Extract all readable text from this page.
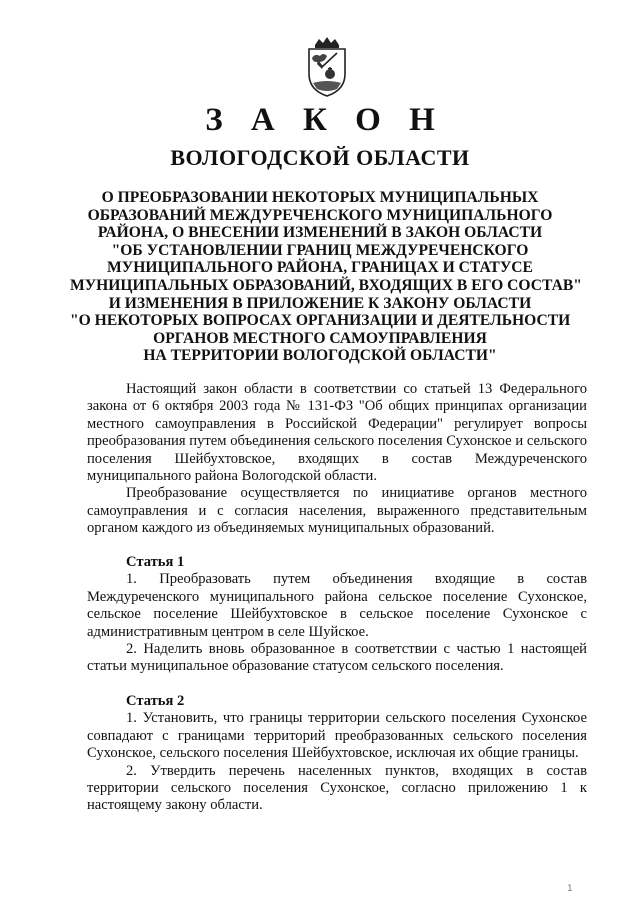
З А К О Н
ВОЛОГОДСКОЙ ОБЛАСТИ
О ПРЕОБРАЗОВАНИИ НЕКОТОРЫХ МУНИЦИПАЛЬНЫХ
ОБРАЗОВАНИЙ МЕЖДУРЕЧЕНСКОГО МУНИЦИПАЛЬНОГО
РАЙОНА, О ВНЕСЕНИИ ИЗМЕНЕНИЙ В ЗАКОН ОБЛАСТИ
"ОБ УСТАНОВЛЕНИИ ГРАНИЦ МЕЖДУРЕЧЕНСКОГО
МУНИЦИПАЛЬНОГО РАЙОНА, ГРАНИЦАХ И СТАТУСЕ
МУНИЦИПАЛЬНЫХ ОБРАЗОВАНИЙ, ВХОДЯЩИХ В ЕГО СОСТАВ"
И ИЗМЕНЕНИЯ В ПРИЛОЖЕНИЕ К ЗАКОНУ ОБЛАСТИ
"О НЕКОТОРЫХ ВОПРОСАХ ОРГАНИЗАЦИИ И ДЕЯТЕЛЬНОСТИ
ОРГАНОВ МЕСТНОГО САМОУПРАВЛЕНИЯ
НА ТЕРРИТОРИИ ВОЛОГОДСКОЙ ОБЛАСТИ"

Настоящий закон области в соответствии со статьей 13 Федерального закона от 6 октября 2003 года № 131-ФЗ "Об общих принципах организации местного самоуправления в Российской Федерации" регулирует вопросы преобразования путем объединения сельского поселения Сухонское и сельского поселения Шейбухтовское, входящих в состав Междуреченского муниципального района Вологодской области.

Преобразование осуществляется по инициативе органов местного самоуправления и с согласия населения, выраженного представительным органом каждого из объединяемых муниципальных образований.

Статья 1

1. Преобразовать путем объединения входящие в состав Междуреченского муниципального района сельское поселение Сухонское, сельское поселение Шейбухтовское в сельское поселение Сухонское с административным центром в селе Шуйское.

2. Наделить вновь образованное в соответствии с частью 1 настоящей статьи муниципальное образование статусом сельского поселения.

Статья 2

1. Установить, что границы территории сельского поселения Сухонское совпадают с границами территорий преобразованных сельского поселения Сухонское, сельского поселения Шейбухтовское, исключая их общие границы.

2. Утвердить перечень населенных пунктов, входящих в состав территории сельского поселения Сухонское, согласно приложению 1 к настоящему закону области.

1
